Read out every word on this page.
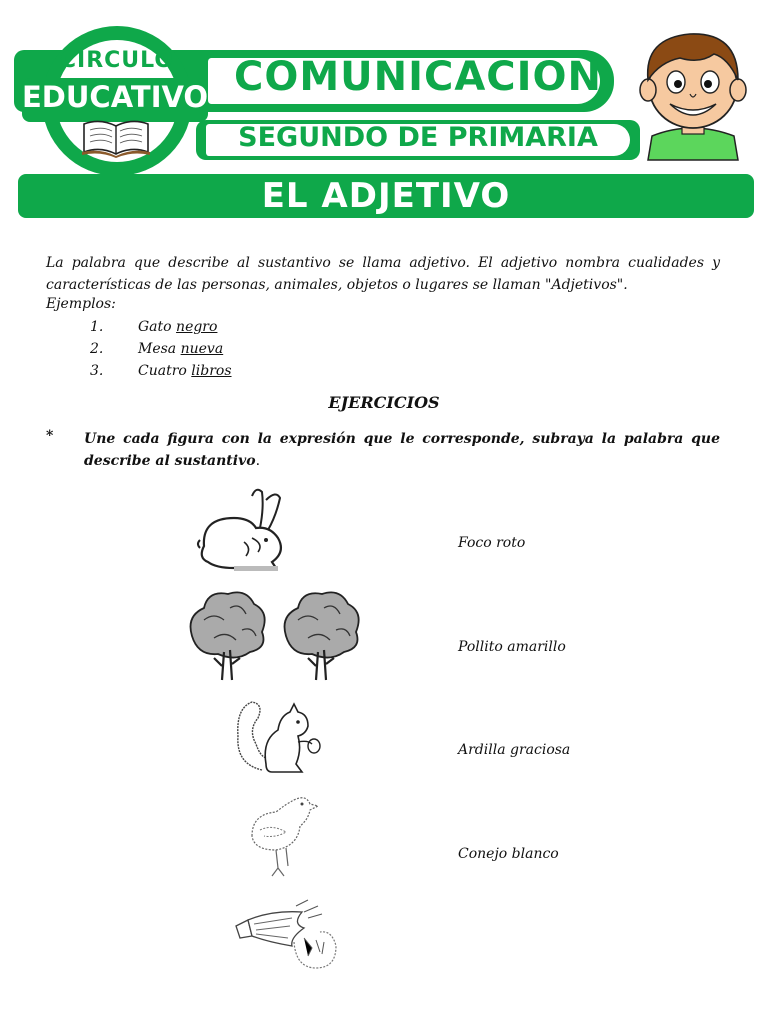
CIRCULO
EDUCATIVO COMUNICACIÓN
SEGUNDO DE PRIMARIA
EL ADJETIVO
La palabra que describe al sustantivo se llama adjetivo. El adjetivo nombra cualidades y características de las personas, animales, objetos o lugares se llaman "Adjetivos".
Ejemplos:
1. Gato negro
2. Mesa nueva
3. Cuatro libros
EJERCICIOS
* Une cada figura con la expresión que le corresponde, subraya la palabra que describe al sustantivo.
Foco roto
Pollito amarillo
Ardilla graciosa
Conejo blanco
